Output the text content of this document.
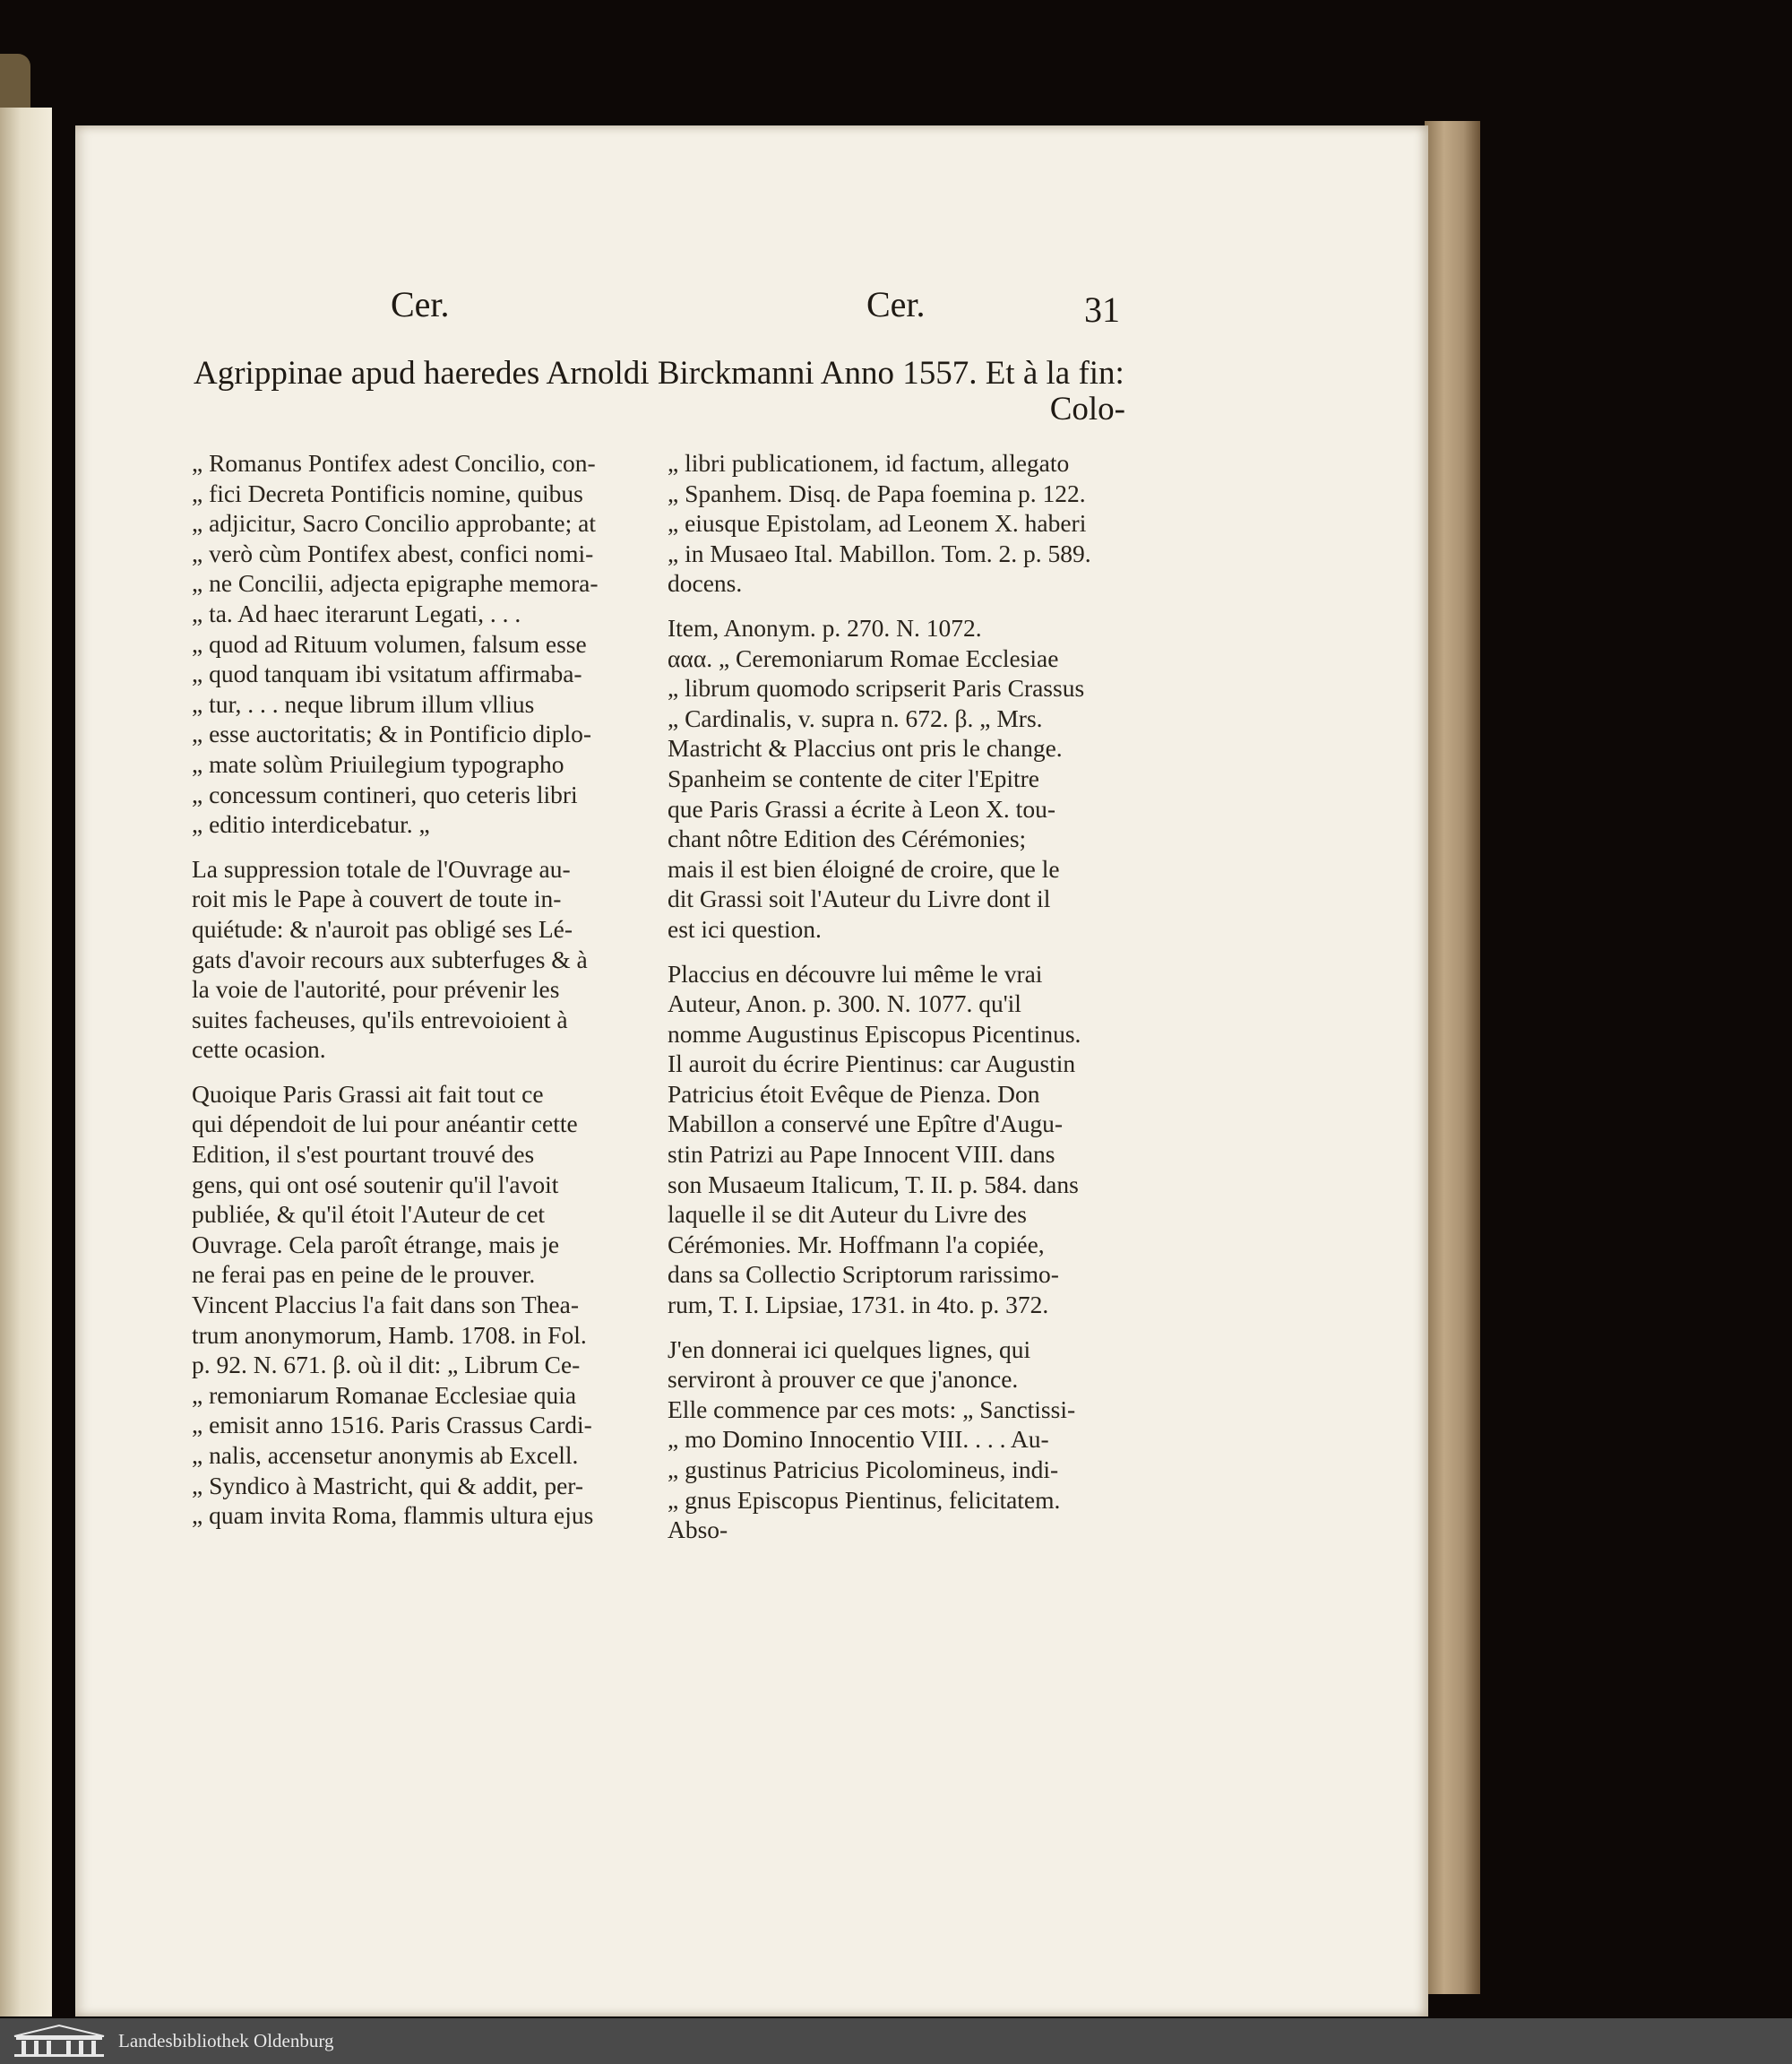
Cer.	Cer.	31
Agrippinae apud haeredes Arnoldi Birckmanni Anno 1557. Et à la fin:
Colo-

„ Romanus Pontifex adest Concilio, con-
„ fici Decreta Pontificis nomine, quibus
„ adjicitur, Sacro Concilio approbante; at
„ verò cùm Pontifex abest, confici nomi-
„ ne Concilii, adjecta epigraphe memora-
„ ta. Ad haec iterarunt Legati, . . .
„ quod ad Rituum volumen, falsum esse
„ quod tanquam ibi vsitatum affirmaba-
„ tur, . . . neque librum illum vllius
„ esse auctoritatis; & in Pontificio diplo-
„ mate solùm Priuilegium typographo
„ concessum contineri, quo ceteris libri
„ editio interdicebatur. „

La suppression totale de l'Ouvrage au-
roit mis le Pape à couvert de toute in-
quiétude: & n'auroit pas obligé ses Lé-
gats d'avoir recours aux subterfuges & à
la voie de l'autorité, pour prévenir les
suites facheuses, qu'ils entrevoioient à
cette ocasion.

Quoique Paris Grassi ait fait tout ce
qui dépendoit de lui pour anéantir cette
Edition, il s'est pourtant trouvé des
gens, qui ont osé soutenir qu'il l'avoit
publiée, & qu'il étoit l'Auteur de cet
Ouvrage. Cela paroît étrange, mais je
ne ferai pas en peine de le prouver.
Vincent Placcius l'a fait dans son Thea-
trum anonymorum, Hamb. 1708. in Fol.
p. 92. N. 671. β. où il dit: „ Librum Ce-
„ remoniarum Romanae Ecclesiae quia
„ emisit anno 1516. Paris Crassus Cardi-
„ nalis, accensetur anonymis ab Excell.
„ Syndico à Mastricht, qui & addit, per-
„ quam invita Roma, flammis ultura ejus

„ libri publicationem, id factum, allegato
„ Spanhem. Disq. de Papa foemina p. 122.
„ eiusque Epistolam, ad Leonem X. haberi
„ in Musaeo Ital. Mabillon. Tom. 2. p. 589.
docens.

Item, Anonym. p. 270. N. 1072.
ααα. „ Ceremoniarum Romae Ecclesiae
„ librum quomodo scripserit Paris Crassus
„ Cardinalis, v. supra n. 672. β. „ Mrs.
Mastricht & Placcius ont pris le change.
Spanheim se contente de citer l'Epitre
que Paris Grassi a écrite à Leon X. tou-
chant nôtre Edition des Cérémonies;
mais il est bien éloigné de croire, que le
dit Grassi soit l'Auteur du Livre dont il
est ici question.

Placcius en découvre lui même le vrai
Auteur, Anon. p. 300. N. 1077. qu'il
nomme Augustinus Episcopus Picentinus.
Il auroit du écrire Pientinus: car Augustin
Patricius étoit Evêque de Pienza. Don
Mabillon a conservé une Epître d'Augu-
stin Patrizi au Pape Innocent VIII. dans
son Musaeum Italicum, T. II. p. 584. dans
laquelle il se dit Auteur du Livre des
Cérémonies. Mr. Hoffmann l'a copiée,
dans sa Collectio Scriptorum rarissimo-
rum, T. I. Lipsiae, 1731. in 4to. p. 372.

J'en donnerai ici quelques lignes, qui
serviront à prouver ce que j'anonce.
Elle commence par ces mots: „ Sanctissi-
„ mo Domino Innocentio VIII. . . . Au-
„ gustinus Patricius Picolomineus, indi-
„ gnus Episcopus Pientinus, felicitatem.
Abso-

Landesbibliothek Oldenburg
